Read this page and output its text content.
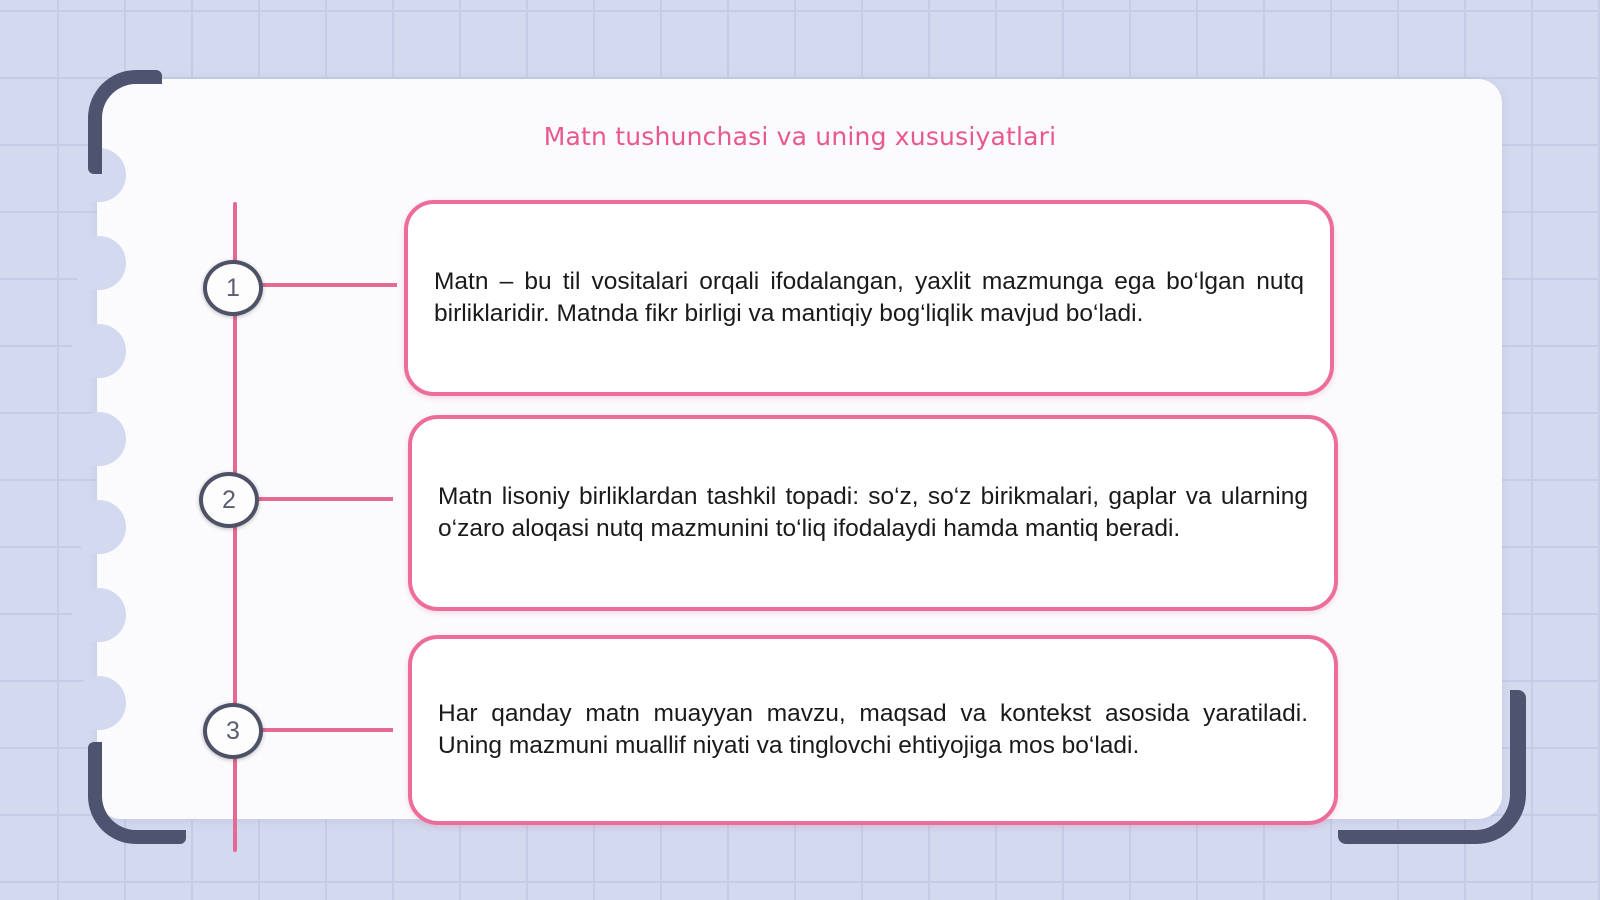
Matn tushunchasi va uning xususiyatlari
1	Matn – bu til vositalari orqali ifodalangan, yaxlit mazmunga ega bo‘lgan nutq birliklaridir. Matnda fikr birligi va mantiqiy bog‘liqlik mavjud bo‘ladi.

2	Matn lisoniy birliklardan tashkil topadi: so‘z, so‘z birikmalari, gaplar va ularning o‘zaro aloqasi nutq mazmunini to‘liq ifodalaydi hamda mantiq beradi.

3

Har qanday matn muayyan mavzu, maqsad va kontekst asosida yaratiladi. Uning mazmuni muallif niyati va tinglovchi ehtiyojiga mos bo‘ladi.
